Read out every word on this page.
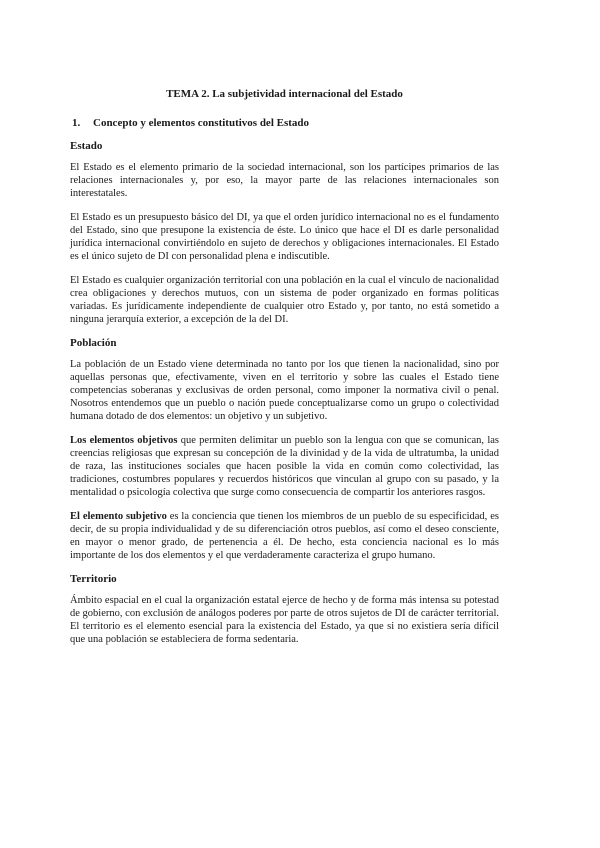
TEMA 2. La subjetividad internacional del Estado
1.	Concepto y elementos constitutivos del Estado
Estado

El Estado es el elemento primario de la sociedad internacional, son los partícipes primarios de las relaciones internacionales y, por eso, la mayor parte de las relaciones internacionales son interestatales.

El Estado es un presupuesto básico del DI, ya que el orden jurídico internacional no es el fundamento del Estado, sino que presupone la existencia de éste. Lo único que hace el DI es darle personalidad jurídica internacional convirtiéndolo en sujeto de derechos y obligaciones internacionales. El Estado es el único sujeto de DI con personalidad plena e indiscutible.

El Estado es cualquier organización territorial con una población en la cual el vínculo de nacionalidad crea obligaciones y derechos mutuos, con un sistema de poder organizado en formas políticas variadas. Es jurídicamente independiente de cualquier otro Estado y, por tanto, no está sometido a ninguna jerarquía exterior, a excepción de la del DI.

Población

La población de un Estado viene determinada no tanto por los que tienen la nacionalidad, sino por aquellas personas que, efectivamente, viven en el territorio y sobre las cuales el Estado tiene competencias soberanas y exclusivas de orden personal, como imponer la normativa civil o penal. Nosotros entendemos que un pueblo o nación puede conceptualizarse como un grupo o colectividad humana dotado de dos elementos: un objetivo y un subjetivo.

Los elementos objetivos que permiten delimitar un pueblo son la lengua con que se comunican, las creencias religiosas que expresan su concepción de la divinidad y de la vida de ultratumba, la unidad de raza, las instituciones sociales que hacen posible la vida en común como colectividad, las tradiciones, costumbres populares y recuerdos históricos que vinculan al grupo con su pasado, y la mentalidad o psicología colectiva que surge como consecuencia de compartir los anteriores rasgos.

El elemento subjetivo es la conciencia que tienen los miembros de un pueblo de su especificidad, es decir, de su propia individualidad y de su diferenciación otros pueblos, así como el deseo consciente, en mayor o menor grado, de pertenencia a él. De hecho, esta conciencia nacional es lo más importante de los dos elementos y el que verdaderamente caracteriza el grupo humano.

Territorio

Ámbito espacial en el cual la organización estatal ejerce de hecho y de forma más intensa su potestad de gobierno, con exclusión de análogos poderes por parte de otros sujetos de DI de carácter territorial. El territorio es el elemento esencial para la existencia del Estado, ya que si no existiera sería difícil que una población se estableciera de forma sedentaria.
